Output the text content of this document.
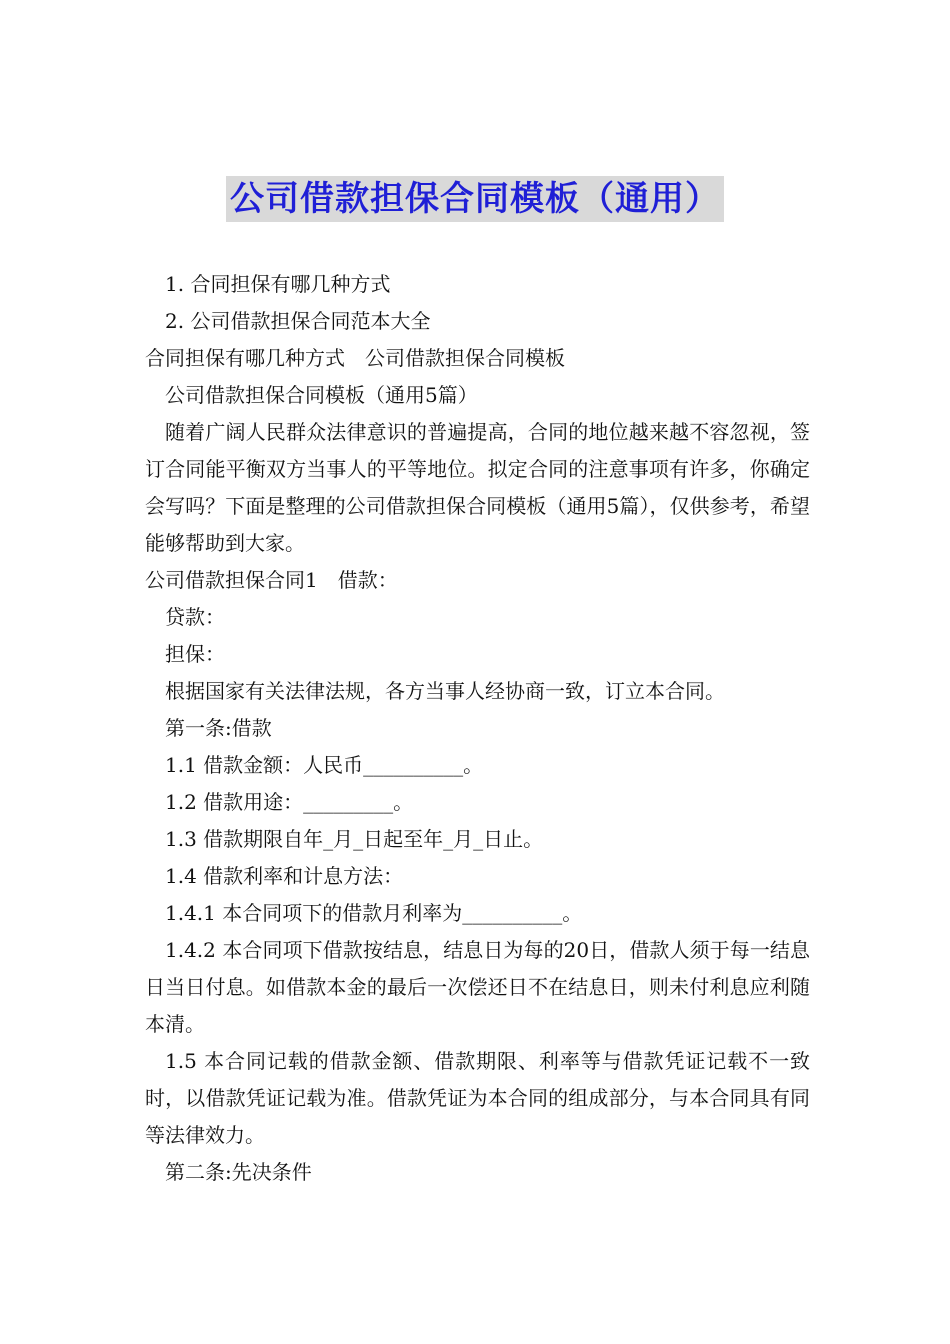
公司借款担保合同模板（通用）

1. 合同担保有哪几种方式

2. 公司借款担保合同范本大全

合同担保有哪几种方式　公司借款担保合同模板

公司借款担保合同模板（通用5篇）

随着广阔人民群众法律意识的普遍提高，合同的地位越来越不容忽视，签订合同能平衡双方当事人的平等地位。拟定合同的注意事项有许多，你确定会写吗？下面是整理的公司借款担保合同模板（通用5篇），仅供参考，希望能够帮助到大家。

公司借款担保合同1　借款：

贷款：

担保：

根据国家有关法律法规，各方当事人经协商一致，订立本合同。

第一条:借款

1.1 借款金额：人民币__________。

1.2 借款用途：_________。

1.3 借款期限自年_月_日起至年_月_日止。

1.4 借款利率和计息方法：

1.4.1 本合同项下的借款月利率为__________。

1.4.2 本合同项下借款按结息，结息日为每的20日，借款人须于每一结息日当日付息。如借款本金的最后一次偿还日不在结息日，则未付利息应利随本清。

1.5 本合同记载的借款金额、借款期限、利率等与借款凭证记载不一致时，以借款凭证记载为准。借款凭证为本合同的组成部分，与本合同具有同等法律效力。

第二条:先决条件
